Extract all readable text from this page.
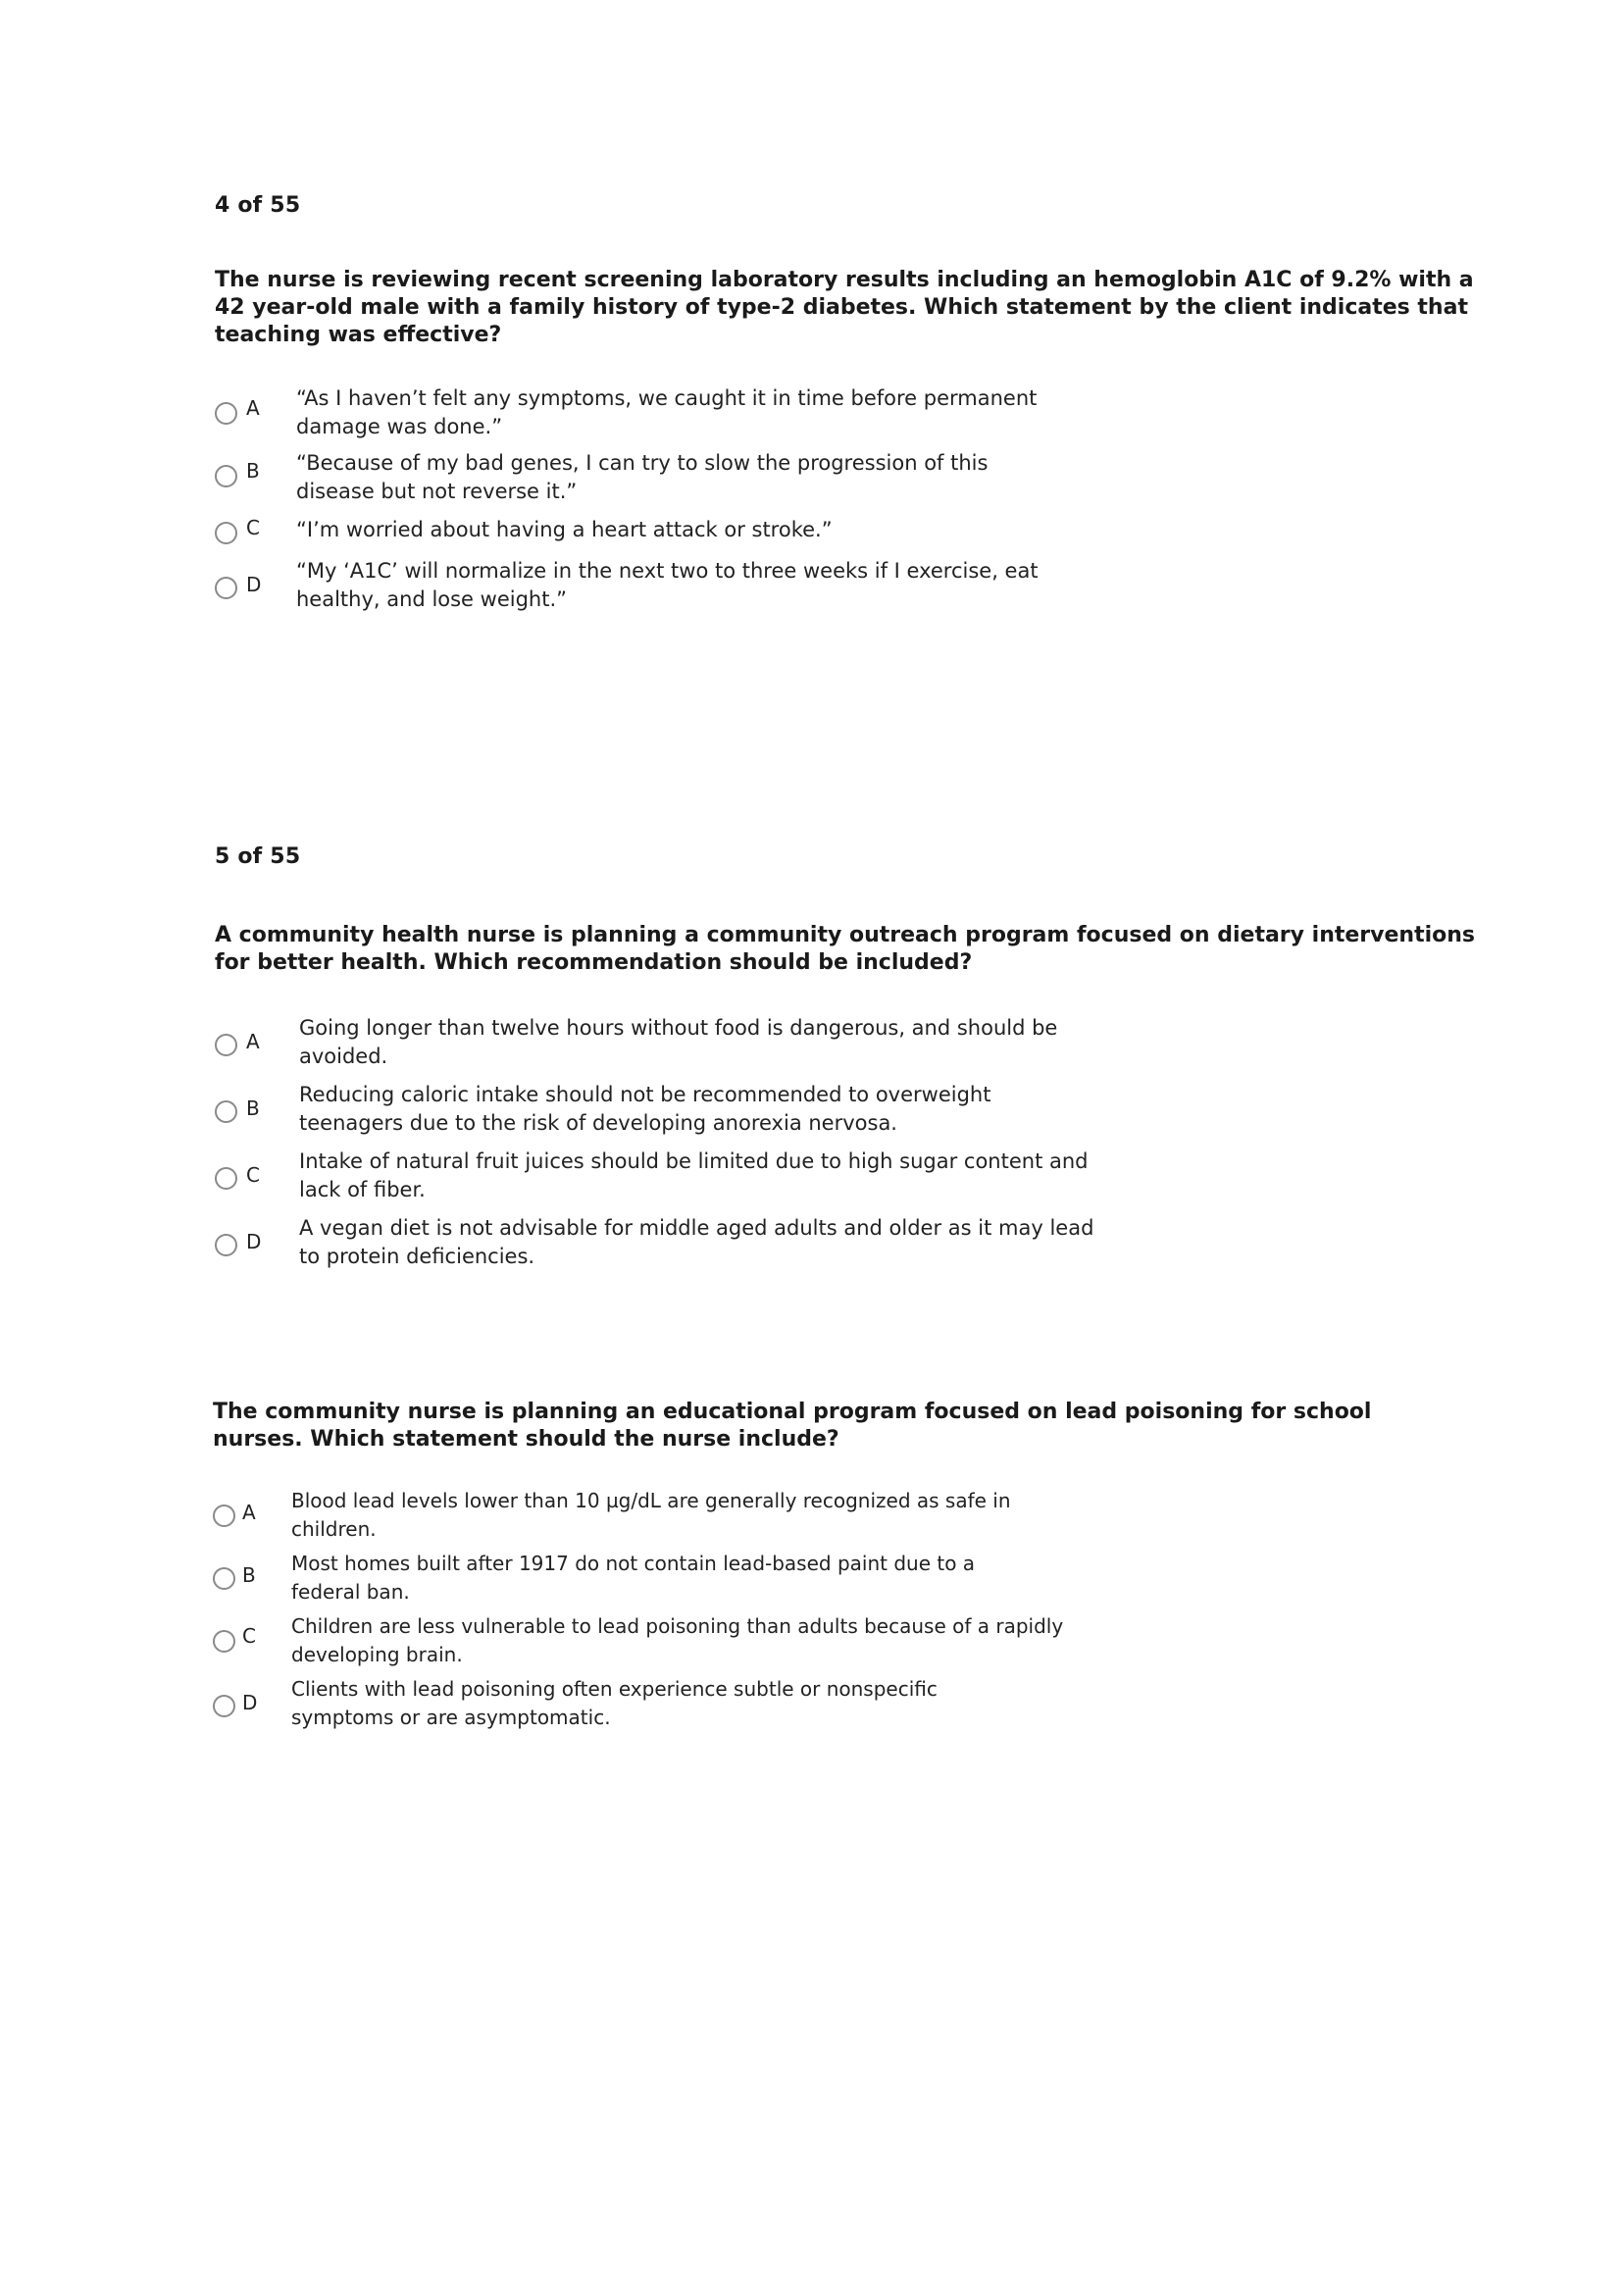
4 of 55

The nurse is reviewing recent screening laboratory results including an hemoglobin A1C of 9.2% with a 42 year-old male with a family history of type-2 diabetes. Which statement by the client indicates that teaching was effective?

A “As I haven’t felt any symptoms, we caught it in time before permanent damage was done.”
B “Because of my bad genes, I can try to slow the progression of this disease but not reverse it.”
C “I’m worried about having a heart attack or stroke.”
D
“My ‘A1C’ will normalize in the next two to three weeks if I exercise, eat healthy, and lose weight.”

5 of 55

A community health nurse is planning a community outreach program focused on dietary interventions for better health. Which recommendation should be included?

A
Going longer than twelve hours without food is dangerous, and should be avoided.
B
Reducing caloric intake should not be recommended to overweight teenagers due to the risk of developing anorexia nervosa.
C
Intake of natural fruit juices should be limited due to high sugar content and lack of fiber.
D
A vegan diet is not advisable for middle aged adults and older as it may lead to protein deficiencies.

The community nurse is planning an educational program focused on lead poisoning for school nurses. Which statement should the nurse include?

A Blood lead levels lower than 10 µg/dL are generally recognized as safe in children.
B Most homes built after 1917 do not contain lead-based paint due to a federal ban.
C Children are less vulnerable to lead poisoning than adults because of a rapidly developing brain.
D
Clients with lead poisoning often experience subtle or nonspecific symptoms or are asymptomatic.
